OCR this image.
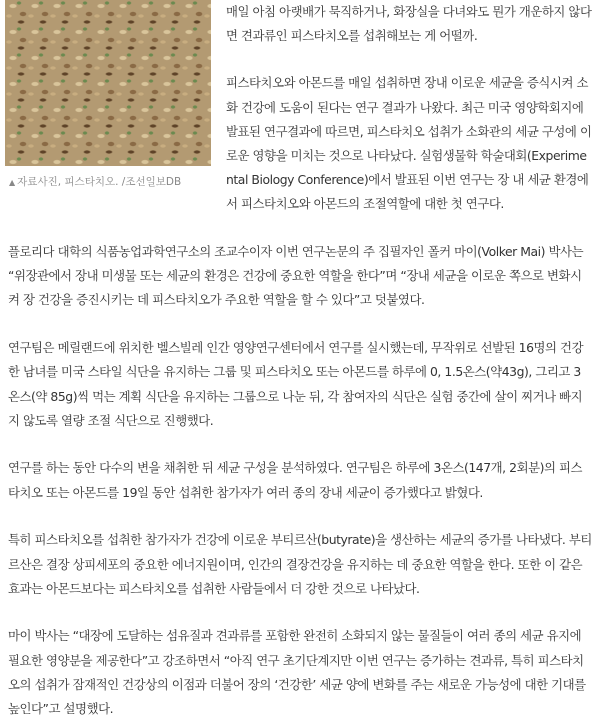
▲ 자료사진, 피스타치오. /조선일보DB

매일 아침 아랫배가 묵직하거나, 화장실을 다녀와도 뭔가 개운하지 않다면 견과류인 피스타치오를 섭취해보는 게 어떨까.

피스타치오와 아몬드를 매일 섭취하면 장내 이로운 세균을 증식시켜 소화 건강에 도움이 된다는 연구 결과가 나왔다. 최근 미국 영양학회지에 발표된 연구결과에 따르면, 피스타치오 섭취가 소화관의 세균 구성에 이로운 영향을 미치는 것으로 나타났다. 실험생물학 학술대회(Experimental Biology Conference)에서 발표된 이번 연구는 장 내 세균 환경에서 피스타치오와 아몬드의 조절역할에 대한 첫 연구다.

플로리다 대학의 식품농업과학연구소의 조교수이자 이번 연구논문의 주 집필자인 폴커 마이(Volker Mai) 박사는 “위장관에서 장내 미생물 또는 세균의 환경은 건강에 중요한 역할을 한다”며 “장내 세균을 이로운 쪽으로 변화시켜 장 건강을 증진시키는 데 피스타치오가 주요한 역할을 할 수 있다”고 덧붙였다.

연구팀은 메릴랜드에 위치한 벨스빌레 인간 영양연구센터에서 연구를 실시했는데, 무작위로 선발된 16명의 건강한 남녀를 미국 스타일 식단을 유지하는 그룹 및 피스타치오 또는 아몬드를 하루에 0, 1.5온스(약43g), 그리고 3온스(약 85g)씩 먹는 계획 식단을 유지하는 그룹으로 나눈 뒤, 각 참여자의 식단은 실험 중간에 살이 찌거나 빠지지 않도록 열량 조절 식단으로 진행했다.

연구를 하는 동안 다수의 변을 채취한 뒤 세균 구성을 분석하였다. 연구팀은 하루에 3온스(147개, 2회분)의 피스타치오 또는 아몬드를 19일 동안 섭취한 참가자가 여러 종의 장내 세균이 증가했다고 밝혔다.

특히 피스타치오를 섭취한 참가자가 건강에 이로운 부티르산(butyrate)을 생산하는 세균의 증가를 나타냈다. 부티르산은 결장 상피세포의 중요한 에너지원이며, 인간의 결장건강을 유지하는 데 중요한 역할을 한다. 또한 이 같은 효과는 아몬드보다는 피스타치오를 섭취한 사람들에서 더 강한 것으로 나타났다.

마이 박사는 “대장에 도달하는 섬유질과 견과류를 포함한 완전히 소화되지 않는 물질들이 여러 종의 세균 유지에 필요한 영양분을 제공한다”고 강조하면서 “아직 연구 초기단계지만 이번 연구는 증가하는 견과류, 특히 피스타치오의 섭취가 잠재적인 건강상의 이점과 더불어 장의 ‘건강한’ 세균 양에 변화를 주는 새로운 가능성에 대한 기대를 높인다”고 설명했다.
